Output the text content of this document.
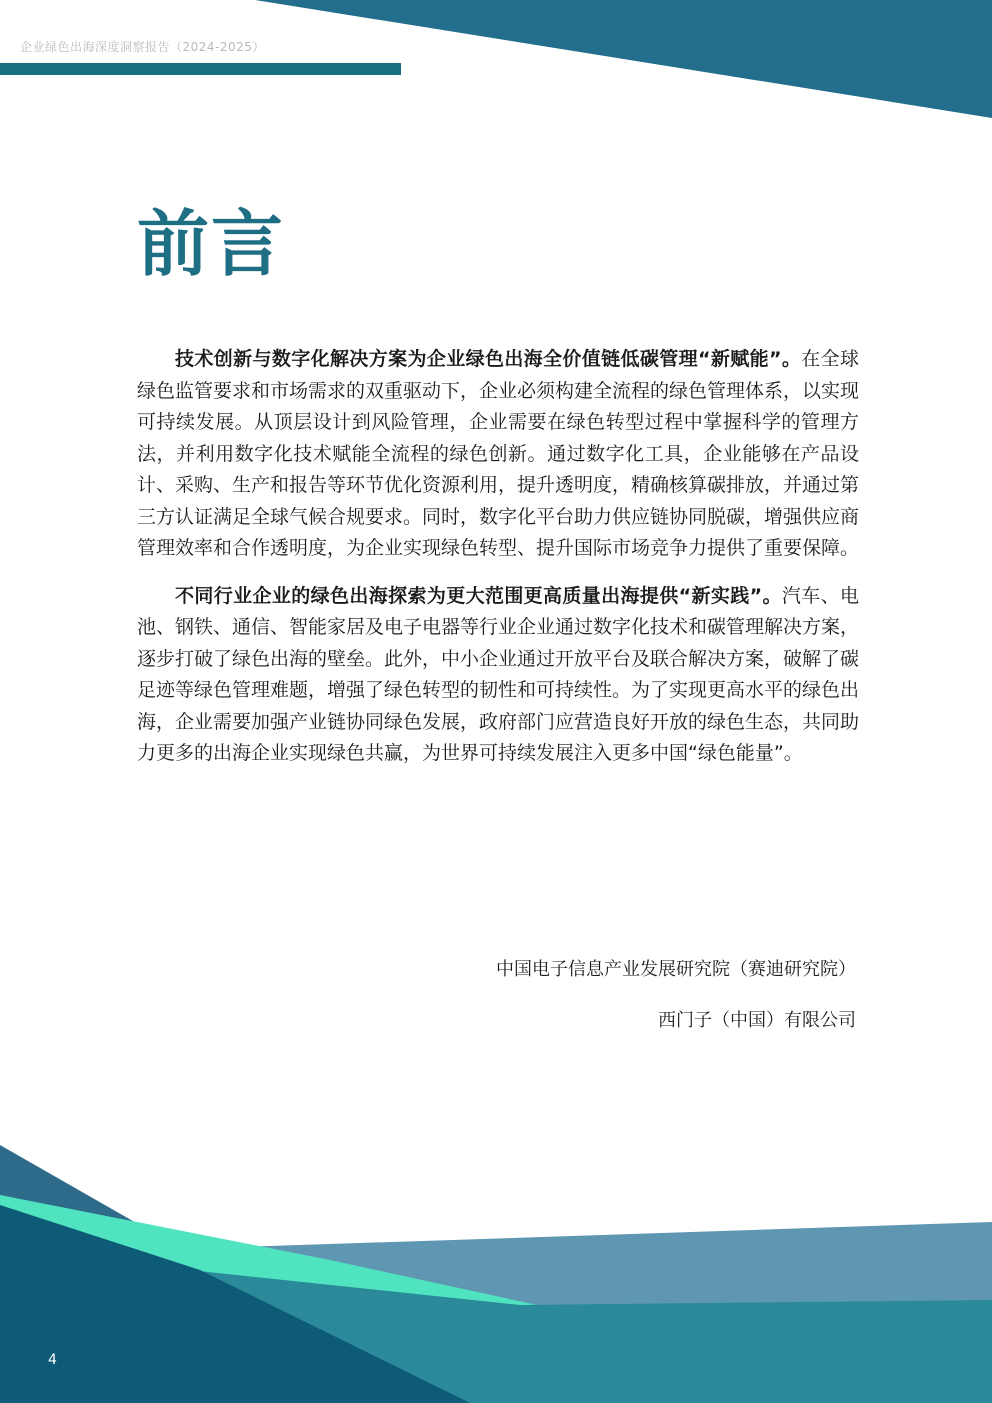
企业绿色出海深度洞察报告（2024-2025）
前言

技术创新与数字化解决方案为企业绿色出海全价值链低碳管理“新赋能”。在全球绿色监管要求和市场需求的双重驱动下，企业必须构建全流程的绿色管理体系，以实现可持续发展。从顶层设计到风险管理，企业需要在绿色转型过程中掌握科学的管理方法，并利用数字化技术赋能全流程的绿色创新。通过数字化工具，企业能够在产品设计、采购、生产和报告等环节优化资源利用，提升透明度，精确核算碳排放，并通过第三方认证满足全球气候合规要求。同时，数字化平台助力供应链协同脱碳，增强供应商管理效率和合作透明度，为企业实现绿色转型、提升国际市场竞争力提供了重要保障。

不同行业企业的绿色出海探索为更大范围更高质量出海提供“新实践”。汽车、电池、钢铁、通信、智能家居及电子电器等行业企业通过数字化技术和碳管理解决方案，逐步打破了绿色出海的壁垒。此外，中小企业通过开放平台及联合解决方案，破解了碳足迹等绿色管理难题，增强了绿色转型的韧性和可持续性。为了实现更高水平的绿色出海，企业需要加强产业链协同绿色发展，政府部门应营造良好开放的绿色生态，共同助力更多的出海企业实现绿色共赢，为世界可持续发展注入更多中国“绿色能量”。

中国电子信息产业发展研究院（赛迪研究院）
西门子（中国）有限公司
4
